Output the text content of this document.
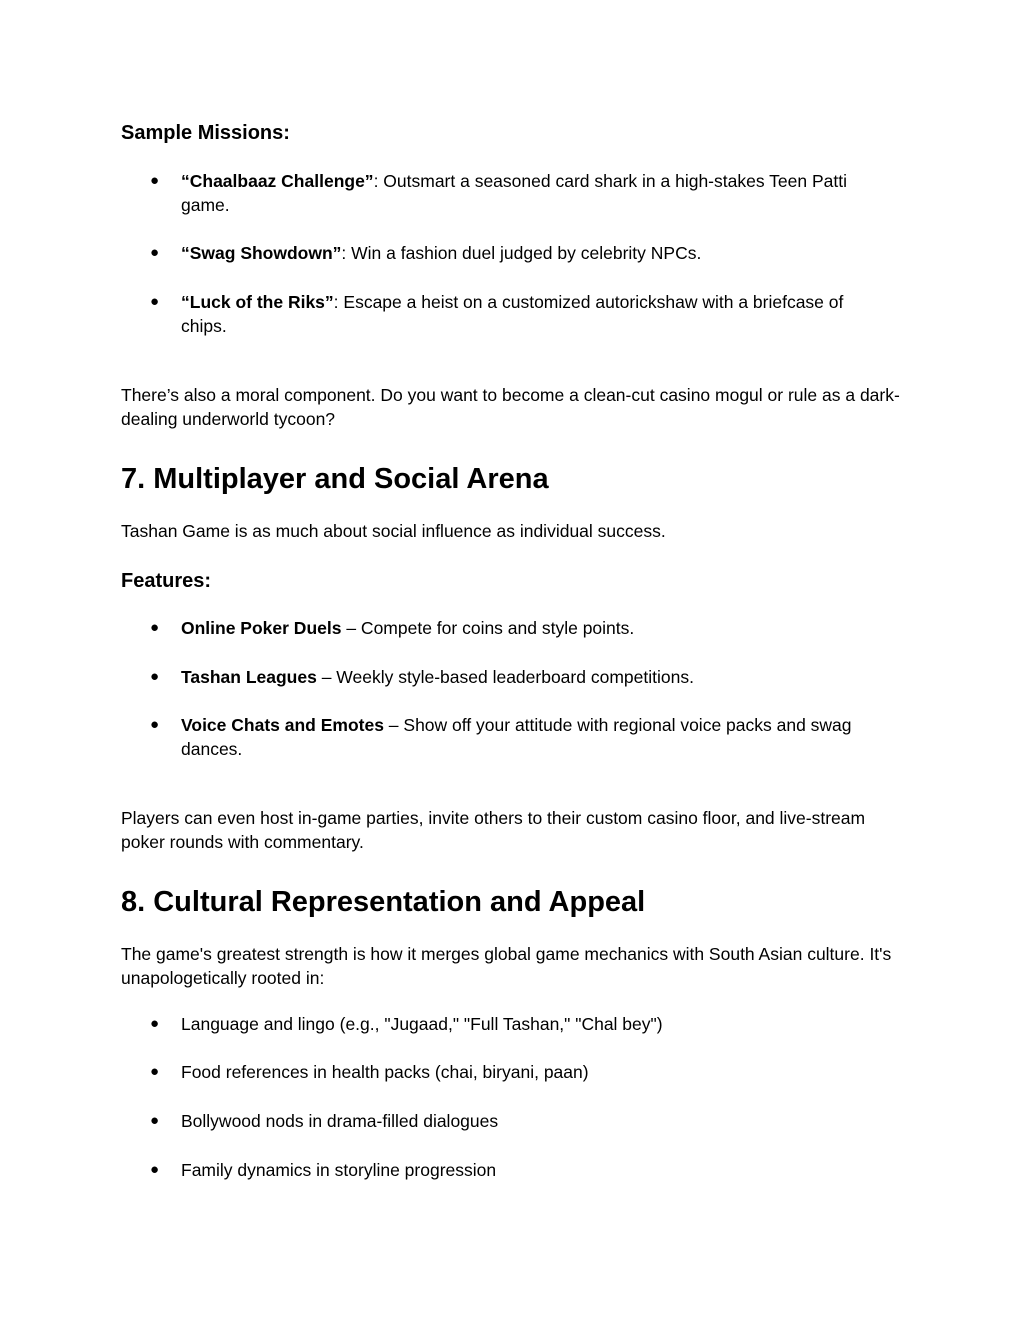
Sample Missions:
●	“Chaalbaaz Challenge”: Outsmart a seasoned card shark in a high-stakes Teen Patti game.
●	“Swag Showdown”: Win a fashion duel judged by celebrity NPCs.
●	“Luck of the Riks”: Escape a heist on a customized autorickshaw with a briefcase of chips.

There’s also a moral component. Do you want to become a clean-cut casino mogul or rule as a dark-dealing underworld tycoon?

7. Multiplayer and Social Arena

Tashan Game is as much about social influence as individual success.

Features:
●	Online Poker Duels – Compete for coins and style points.
●	Tashan Leagues – Weekly style-based leaderboard competitions.
●	Voice Chats and Emotes – Show off your attitude with regional voice packs and swag dances.

Players can even host in-game parties, invite others to their custom casino floor, and live-stream poker rounds with commentary.

8. Cultural Representation and Appeal

The game's greatest strength is how it merges global game mechanics with South Asian culture. It's unapologetically rooted in:

●	Language and lingo (e.g., "Jugaad," "Full Tashan," "Chal bey")
●	Food references in health packs (chai, biryani, paan)
●	Bollywood nods in drama-filled dialogues
●	Family dynamics in storyline progression
